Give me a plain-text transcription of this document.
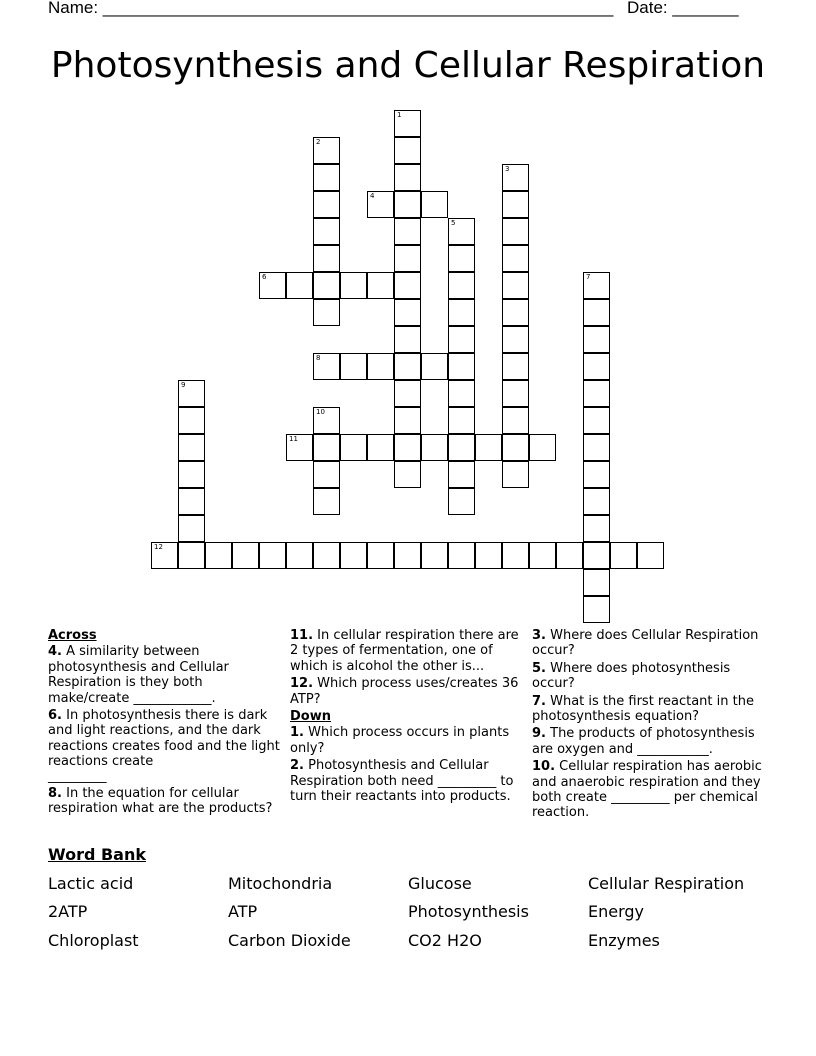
Name: ______________________________________________________ Date: _______
Photosynthesis and Cellular Respiration
1
2
3
4
5
6	7
8
9
10
11
12
Across
4. A similarity between photosynthesis and Cellular Respiration is they both make/create ____________.
6. In photosynthesis there is dark and light reactions, and the dark reactions creates food and the light reactions create
_________
8. In the equation for cellular respiration what are the products?
11. In cellular respiration there are 2 types of fermentation, one of which is alcohol the other is...
12. Which process uses/creates 36 ATP?
Down
1. Which process occurs in plants only?
2. Photosynthesis and Cellular Respiration both need _________ to turn their reactants into products.
3. Where does Cellular Respiration occur?
5. Where does photosynthesis occur?
7. What is the first reactant in the photosynthesis equation?
9. The products of photosynthesis are oxygen and ___________.
10. Cellular respiration has aerobic and anaerobic respiration and they both create _________ per chemical reaction.
Word Bank
Lactic acid	Mitochondria	Glucose	Cellular Respiration
2ATP	ATP	Photosynthesis	Energy
Chloroplast	Carbon Dioxide	CO2 H2O	Enzymes
